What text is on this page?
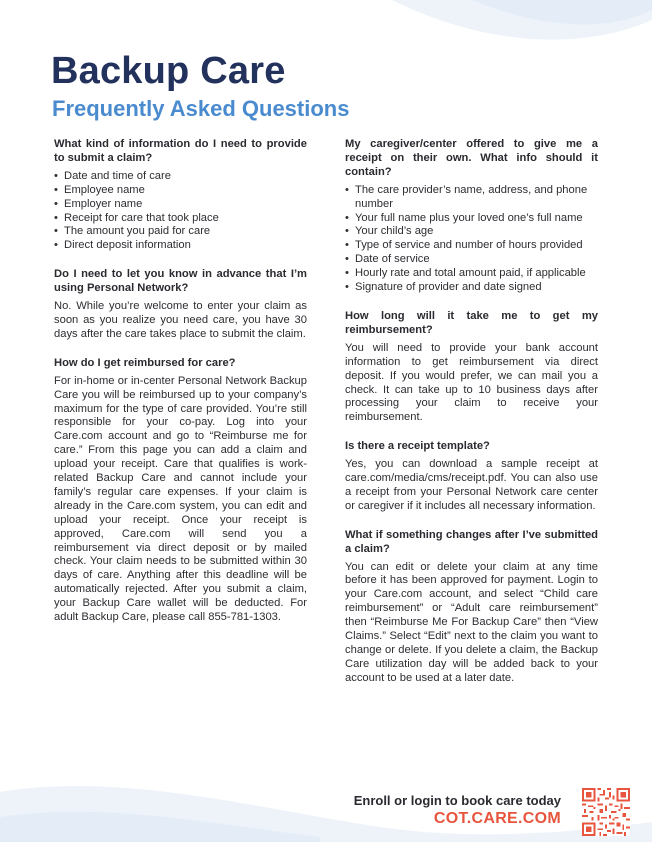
Backup Care
Frequently Asked Questions

What kind of information do I need to provide to submit a claim?

• Date and time of care
• Employee name
• Employer name
• Receipt for care that took place
• The amount you paid for care
• Direct deposit information

Do I need to let you know in advance that I’m using Personal Network?

No. While you’re welcome to enter your claim as soon as you realize you need care, you have 30 days after the care takes place to submit the claim.

How do I get reimbursed for care?

For in-home or in-center Personal Network Backup Care you will be reimbursed up to your company’s maximum for the type of care provided. You’re still responsible for your co-pay. Log into your Care.com account and go to “Reimburse me for care.” From this page you can add a claim and upload your receipt. Care that qualifies is work-related Backup Care and cannot include your family’s regular care expenses. If your claim is already in the Care.com system, you can edit and upload your receipt. Once your receipt is approved, Care.com will send you a reimbursement via direct deposit or by mailed check. Your claim needs to be submitted within 30 days of care. Anything after this deadline will be automatically rejected. After you submit a claim, your Backup Care wallet will be deducted. For adult Backup Care, please call 855-781-1303.

My caregiver/center offered to give me a receipt on their own. What info should it contain?

• The care provider’s name, address, and phone number
• Your full name plus your loved one’s full name
• Your child’s age
• Type of service and number of hours provided
• Date of service
• Hourly rate and total amount paid, if applicable
• Signature of provider and date signed

How long will it take me to get my reimbursement?

You will need to provide your bank account information to get reimbursement via direct deposit. If you would prefer, we can mail you a check. It can take up to 10 business days after processing your claim to receive your reimbursement.

Is there a receipt template?

Yes, you can download a sample receipt at care.com/media/cms/receipt.pdf. You can also use a receipt from your Personal Network care center or caregiver if it includes all necessary information.

What if something changes after I’ve submitted a claim?

You can edit or delete your claim at any time before it has been approved for payment. Login to your Care.com account, and select “Child care reimbursement” or “Adult care reimbursement” then “Reimburse Me For Backup Care” then “View Claims.” Select “Edit” next to the claim you want to change or delete. If you delete a claim, the Backup Care utilization day will be added back to your account to be used at a later date.

Enroll or login to book care today
COT.CARE.COM
